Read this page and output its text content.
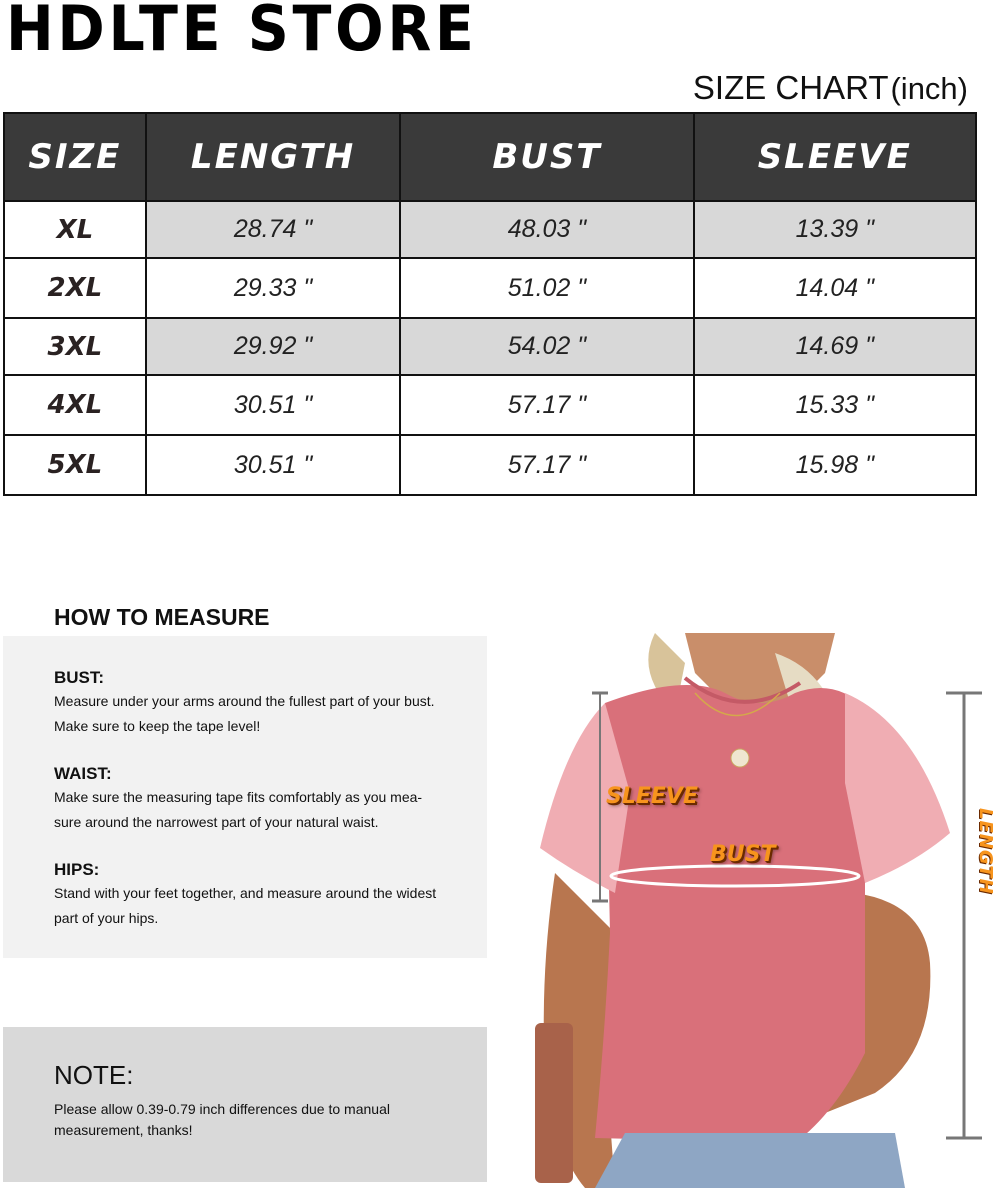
HDLTE STORE
SIZE CHART(inch)
SIZE	LENGTH	BUST	SLEEVE
XL	28.74 "	48.03 "	13.39 "
2XL	29.33 "	51.02 "	14.04 "
3XL	29.92 "	54.02 "	14.69 "
4XL	30.51 "	57.17 "	15.33 "
5XL	30.51 "	57.17 "	15.98 "
HOW TO MEASURE
BUST:
Measure under your arms around the fullest part of your bust.
Make sure to keep the tape level!
WAIST:
Make sure the measuring tape fits comfortably as you mea-
sure around the narrowest part of your natural waist.
HIPS:
Stand with your feet together, and measure around the widest
part of your hips.
NOTE:
Please allow 0.39-0.79 inch differences due to manual
measurement, thanks!
SLEEVE
BUST	LENGTH
